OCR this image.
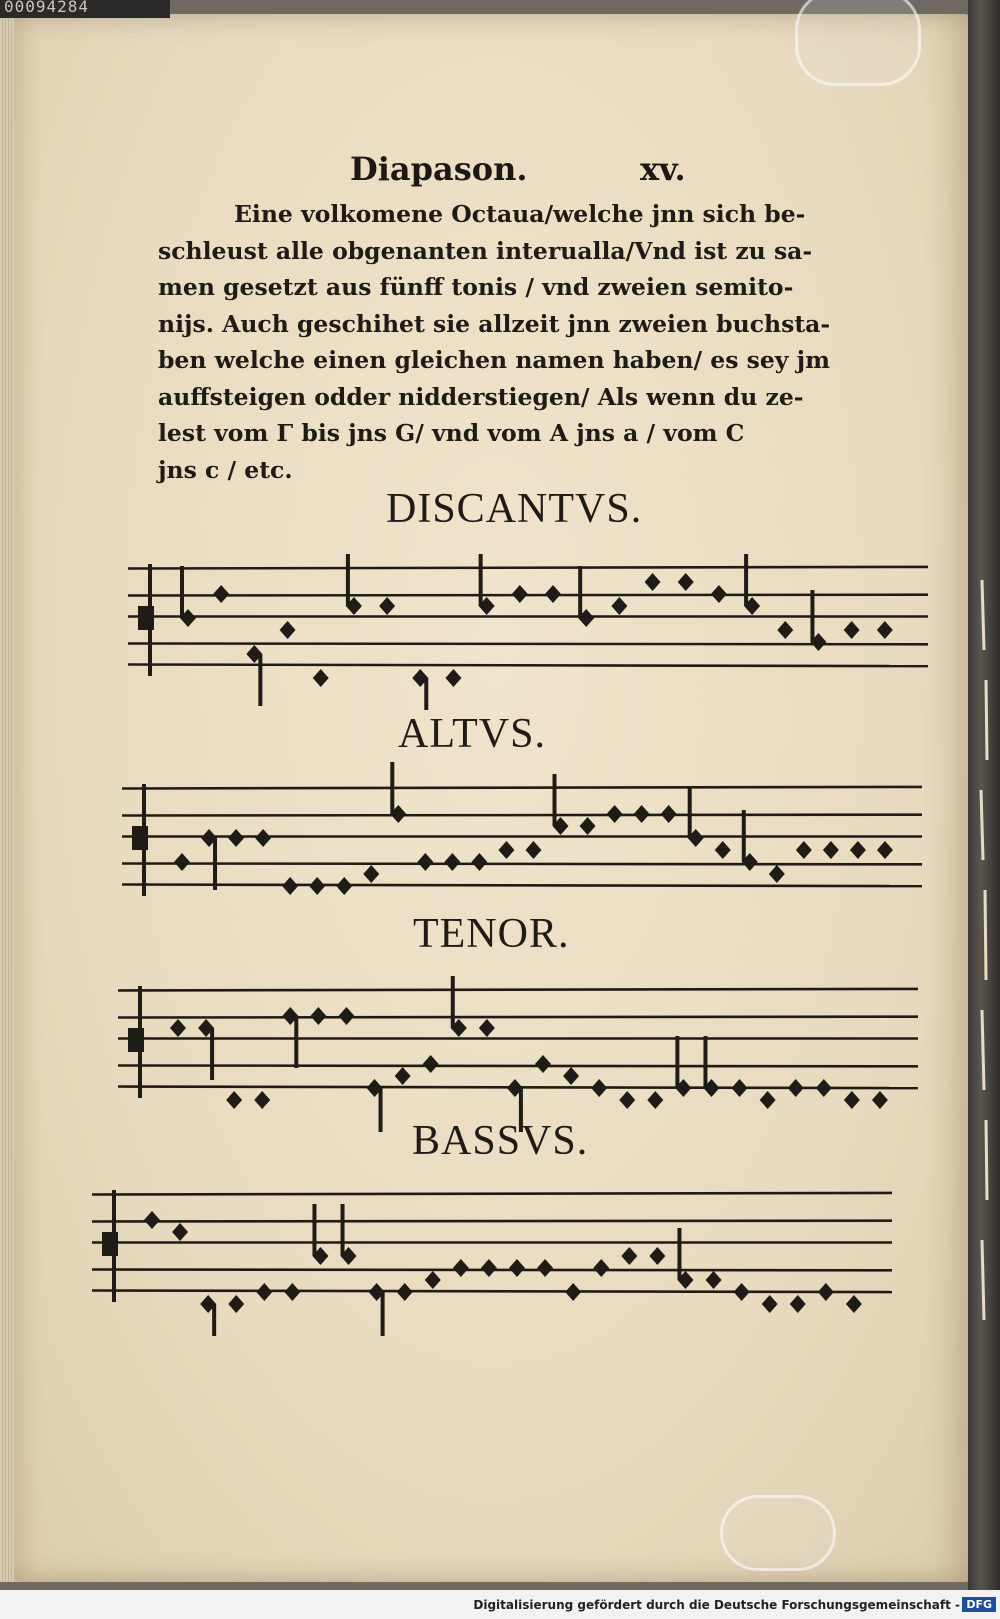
00094284
Diapason.	xv.
Eine volkomene Octaua/welche jnn sich be-
schleust alle obgenanten interualla/Vnd ist zu sa-
men gesetzt aus fünff tonis / vnd zweien semito-
nijs. Auch geschihet sie allzeit jnn zweien buchsta-
ben welche einen gleichen namen haben/ es sey jm
auffsteigen odder nidderstiegen/ Als wenn du ze-
lest vom Γ bis jns G/ vnd vom A jns a / vom C
jns c / etc.
DISCANTVS.
ALTVS.
TENOR.
BASSVS.
Digitalisierung gefördert durch die Deutsche Forschungsgemeinschaft - DFG
